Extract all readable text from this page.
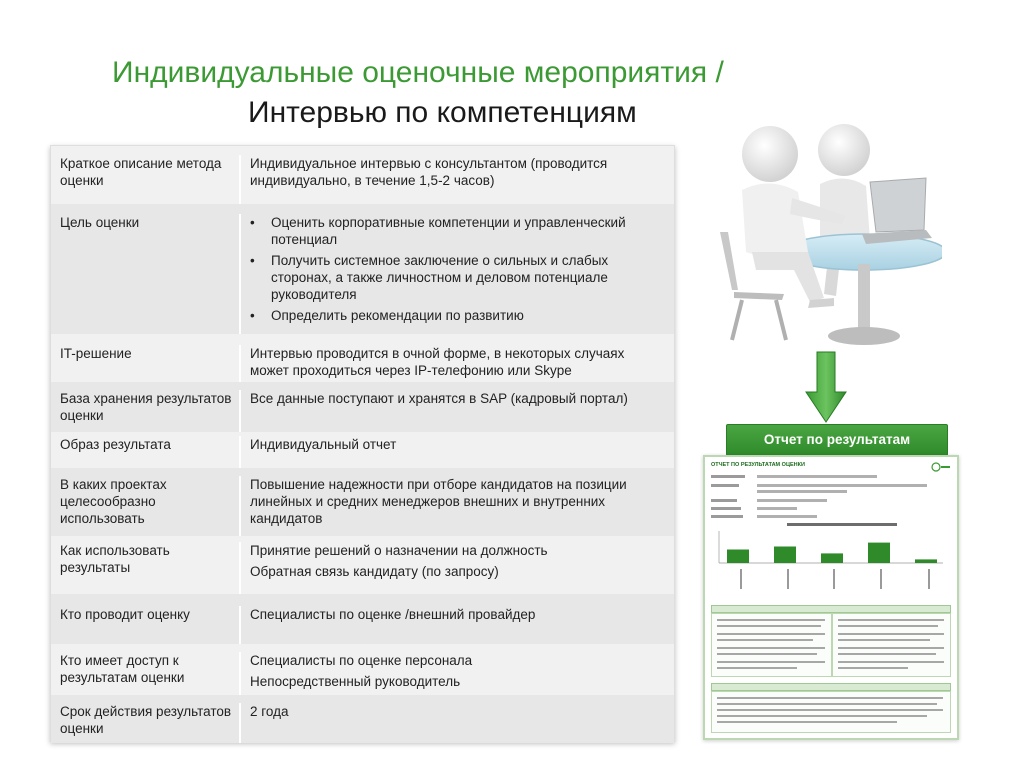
Индивидуальные оценочные мероприятия /
Интервью по компетенциям
Краткое описание метода оценки
Индивидуальное интервью с консультантом (проводится индивидуально, в течение 1,5-2 часов)
Цель оценки
•	Оценить корпоративные компетенции и управленческий потенциал
• Получить системное заключение о сильных и слабых сторонах, а также личностном и деловом потенциале руководителя
• Определить рекомендации по развитию
IT-решение	Интервью проводится в очной форме, в некоторых случаях может проходиться через IP-телефонию или Skype
База хранения результатов оценки
Все данные поступают и хранятся в SAP (кадровый портал)
Образ результата	Индивидуальный отчет
В каких проектах целесообразно использовать
Повышение надежности при отборе кандидатов на позиции линейных и средних менеджеров внешних и внутренних кандидатов
Как использовать результаты
Принятие решений о назначении на должность
Обратная связь кандидату (по запросу)
Кто проводит оценку	Специалисты по оценке /внешний провайдер
Кто имеет доступ к результатам оценки
Специалисты по оценке персонала
Непосредственный руководитель
Срок действия результатов оценки
2 года
Отчет по результатам
ОТЧЕТ ПО РЕЗУЛЬТАТАМ ОЦЕНКИ
